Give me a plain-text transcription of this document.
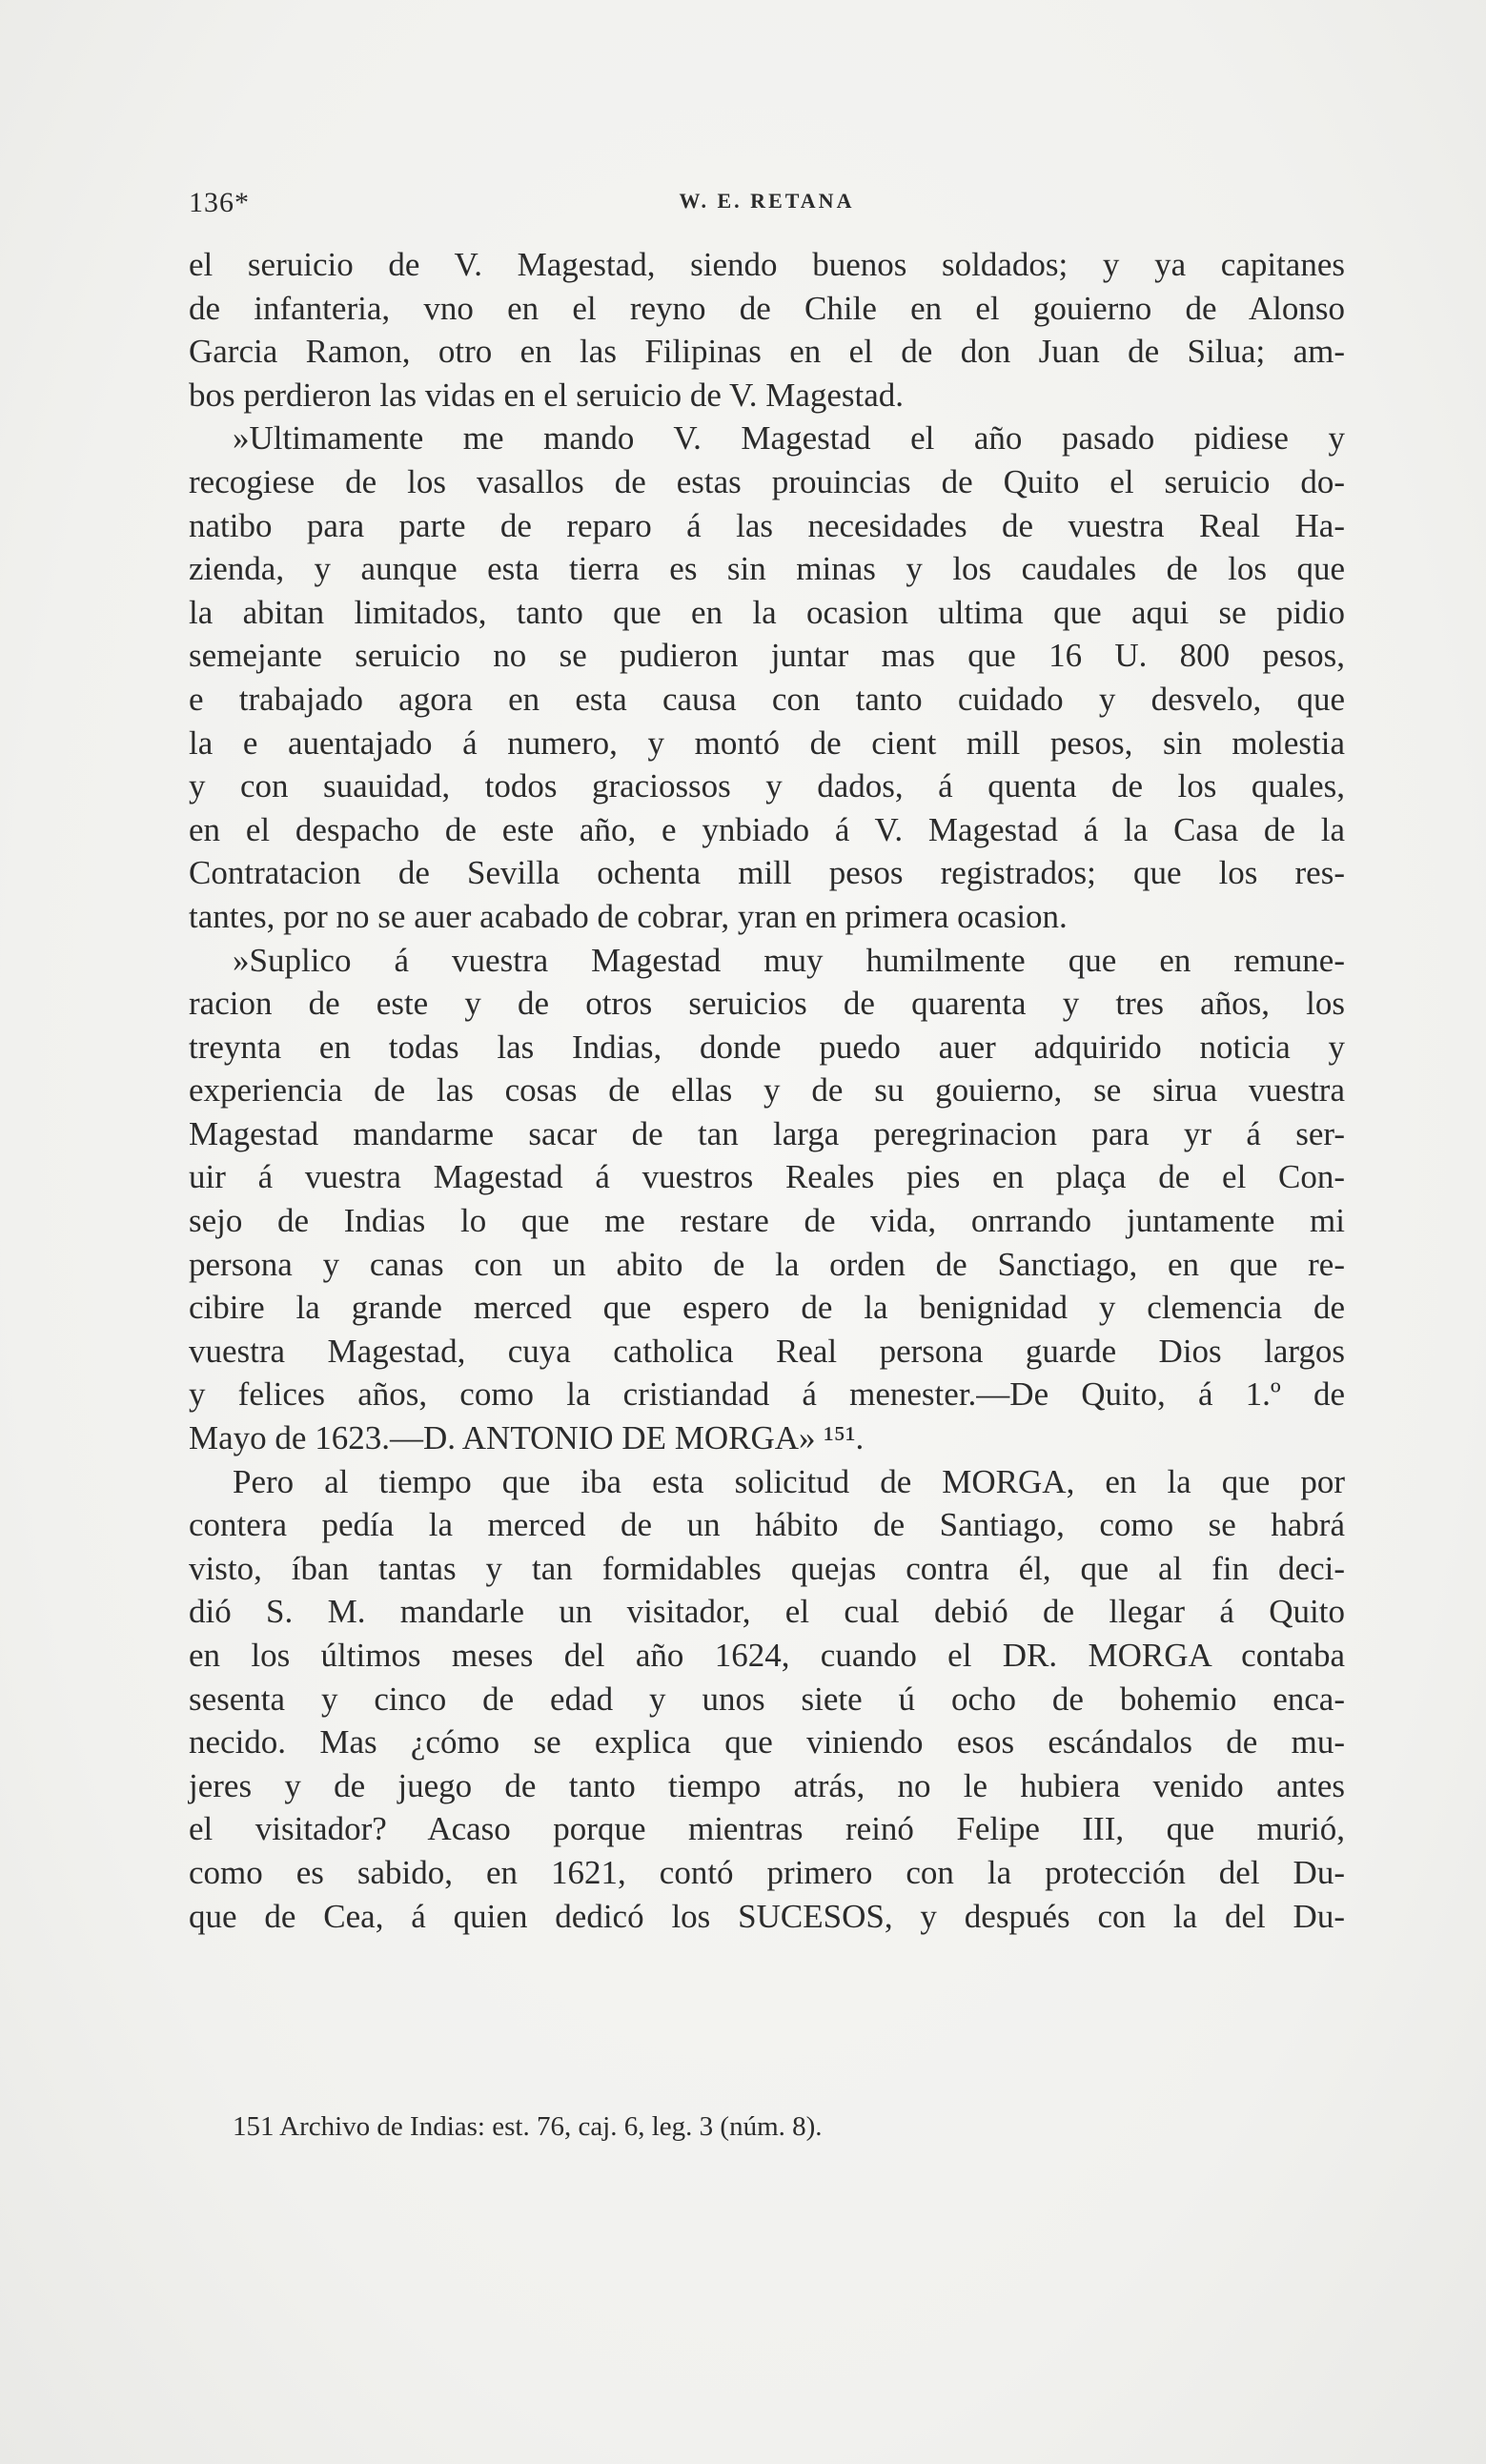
136*	W. E. RETANA
el seruicio de V. Magestad, siendo buenos soldados; y ya capitanes
de infanteria, vno en el reyno de Chile en el gouierno de Alonso
Garcia Ramon, otro en las Filipinas en el de don Juan de Silua; am-
bos perdieron las vidas en el seruicio de V. Magestad.
»Ultimamente me mando V. Magestad el año pasado pidiese y
recogiese de los vasallos de estas prouincias de Quito el seruicio do-
natibo para parte de reparo á las necesidades de vuestra Real Ha-
zienda, y aunque esta tierra es sin minas y los caudales de los que
la abitan limitados, tanto que en la ocasion ultima que aqui se pidio
semejante seruicio no se pudieron juntar mas que 16 U. 800 pesos,
e trabajado agora en esta causa con tanto cuidado y desvelo, que
la e auentajado á numero, y montó de cient mill pesos, sin molestia
y con suauidad, todos graciossos y dados, á quenta de los quales,
en el despacho de este año, e ynbiado á V. Magestad á la Casa de la
Contratacion de Sevilla ochenta mill pesos registrados; que los res-
tantes, por no se auer acabado de cobrar, yran en primera ocasion.
»Suplico á vuestra Magestad muy humilmente que en remune-
racion de este y de otros seruicios de quarenta y tres años, los
treynta en todas las Indias, donde puedo auer adquirido noticia y
experiencia de las cosas de ellas y de su gouierno, se sirua vuestra
Magestad mandarme sacar de tan larga peregrinacion para yr á ser-
uir á vuestra Magestad á vuestros Reales pies en plaça de el Con-
sejo de Indias lo que me restare de vida, onrrando juntamente mi
persona y canas con un abito de la orden de Sanctiago, en que re-
cibire la grande merced que espero de la benignidad y clemencia de
vuestra Magestad, cuya catholica Real persona guarde Dios largos
y felices años, como la cristiandad á menester.—De Quito, á 1.º de
Mayo de 1623.—D. ANTONIO DE MORGA» ¹⁵¹.
Pero al tiempo que iba esta solicitud de MORGA, en la que por
contera pedía la merced de un hábito de Santiago, como se habrá
visto, íban tantas y tan formidables quejas contra él, que al fin deci-
dió S. M. mandarle un visitador, el cual debió de llegar á Quito
en los últimos meses del año 1624, cuando el DR. MORGA contaba
sesenta y cinco de edad y unos siete ú ocho de bohemio enca-
necido. Mas ¿cómo se explica que viniendo esos escándalos de mu-
jeres y de juego de tanto tiempo atrás, no le hubiera venido antes
el visitador? Acaso porque mientras reinó Felipe III, que murió,
como es sabido, en 1621, contó primero con la protección del Du-
que de Cea, á quien dedicó los SUCESOS, y después con la del Du-
151 Archivo de Indias: est. 76, caj. 6, leg. 3 (núm. 8).
